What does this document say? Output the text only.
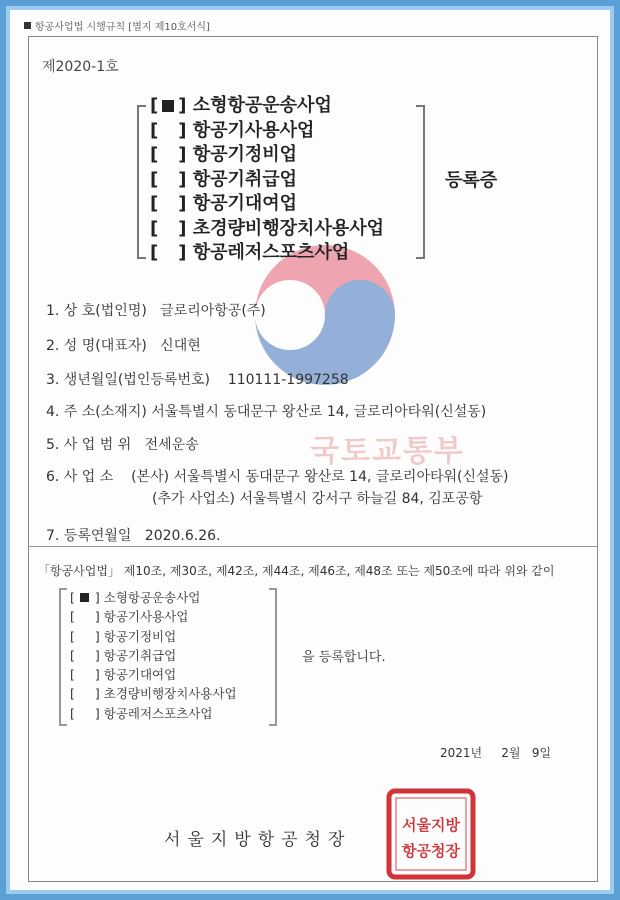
항공사업법 시행규칙 [별지 제10호서식]
국토교통부
제2020-1호
[ ] 소형항공운송사업
[ ] 항공기사용사업
[ ] 항공기정비업
[ ] 항공기취급업
[ ] 항공기대여업
[ ] 초경량비행장치사용사업
[ ] 항공레저스포츠사업
등록증
1. 상 호(법인명) 글로리아항공(주)
2. 성 명(대표자) 신대현
3. 생년월일(법인등록번호) 110111-1997258
4. 주 소(소재지) 서울특별시 동대문구 왕산로 14, 글로리아타워(신설동)
5. 사 업 범 위 전세운송
6. 사 업 소 (본사) 서울특별시 동대문구 왕산로 14, 글로리아타워(신설동)
(추가 사업소) 서울특별시 강서구 하늘길 84, 김포공항
7. 등록연월일 2020.6.26.
「항공사업법」 제10조, 제30조, 제42조, 제44조, 제46조, 제48조 또는 제50조에 따라 위와 같이
[ ] 소형항공운송사업
[ ] 항공기사용사업
[ ] 항공기정비업
[ ] 항공기취급업
[ ] 항공기대여업
[ ] 초경량비행장치사용사업
[ ] 항공레저스포츠사업
을 등록합니다.
2021년 2월 9일
서울지방항공청장
서울지방
항공청장
